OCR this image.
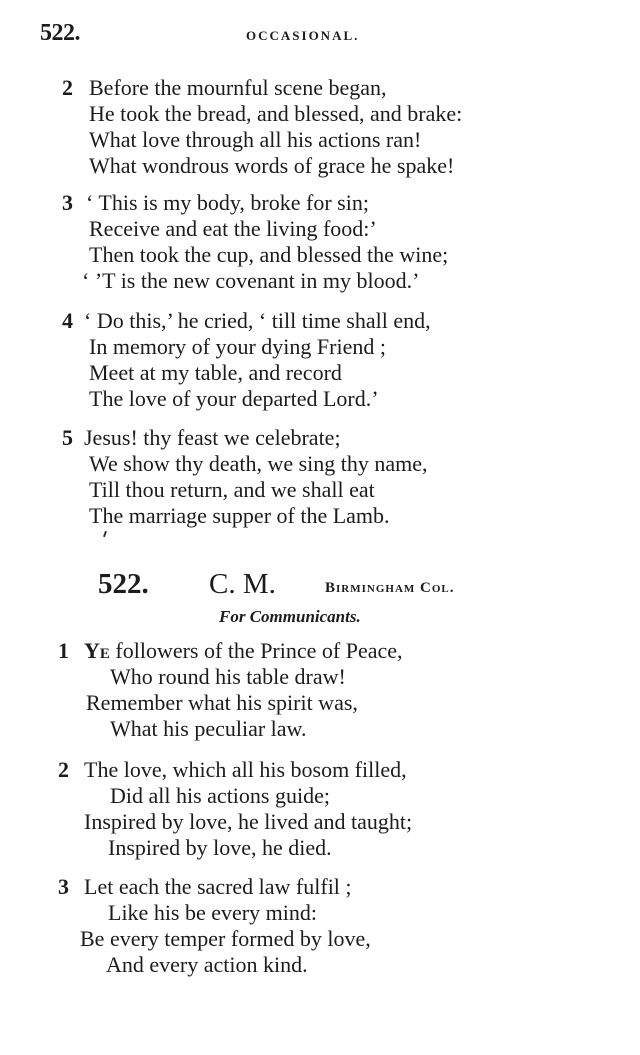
522.	OCCASIONAL.
2 Before the mournful scene began,
He took the bread, and blessed, and brake:
What love through all his actions ran!
What wondrous words of grace he spake!
3 ‘ This is my body, broke for sin;
Receive and eat the living food:’
Then took the cup, and blessed the wine;
‘ ’T is the new covenant in my blood.’
4 ‘ Do this,’ he cried, ‘ till time shall end,
In memory of your dying Friend ;
Meet at my table, and record
The love of your departed Lord.’
5 Jesus! thy feast we celebrate;
We show thy death, we sing thy name,
Till thou return, and we shall eat
The marriage supper of the Lamb.
522. C. M.	Birmingham Col.
For Communicants.
1 Ye followers of the Prince of Peace,
Who round his table draw!
Remember what his spirit was,
What his peculiar law.
2 The love, which all his bosom filled,
Did all his actions guide;
Inspired by love, he lived and taught;
Inspired by love, he died.
3 Let each the sacred law fulfil ;
Like his be every mind:
Be every temper formed by love,
And every action kind.
